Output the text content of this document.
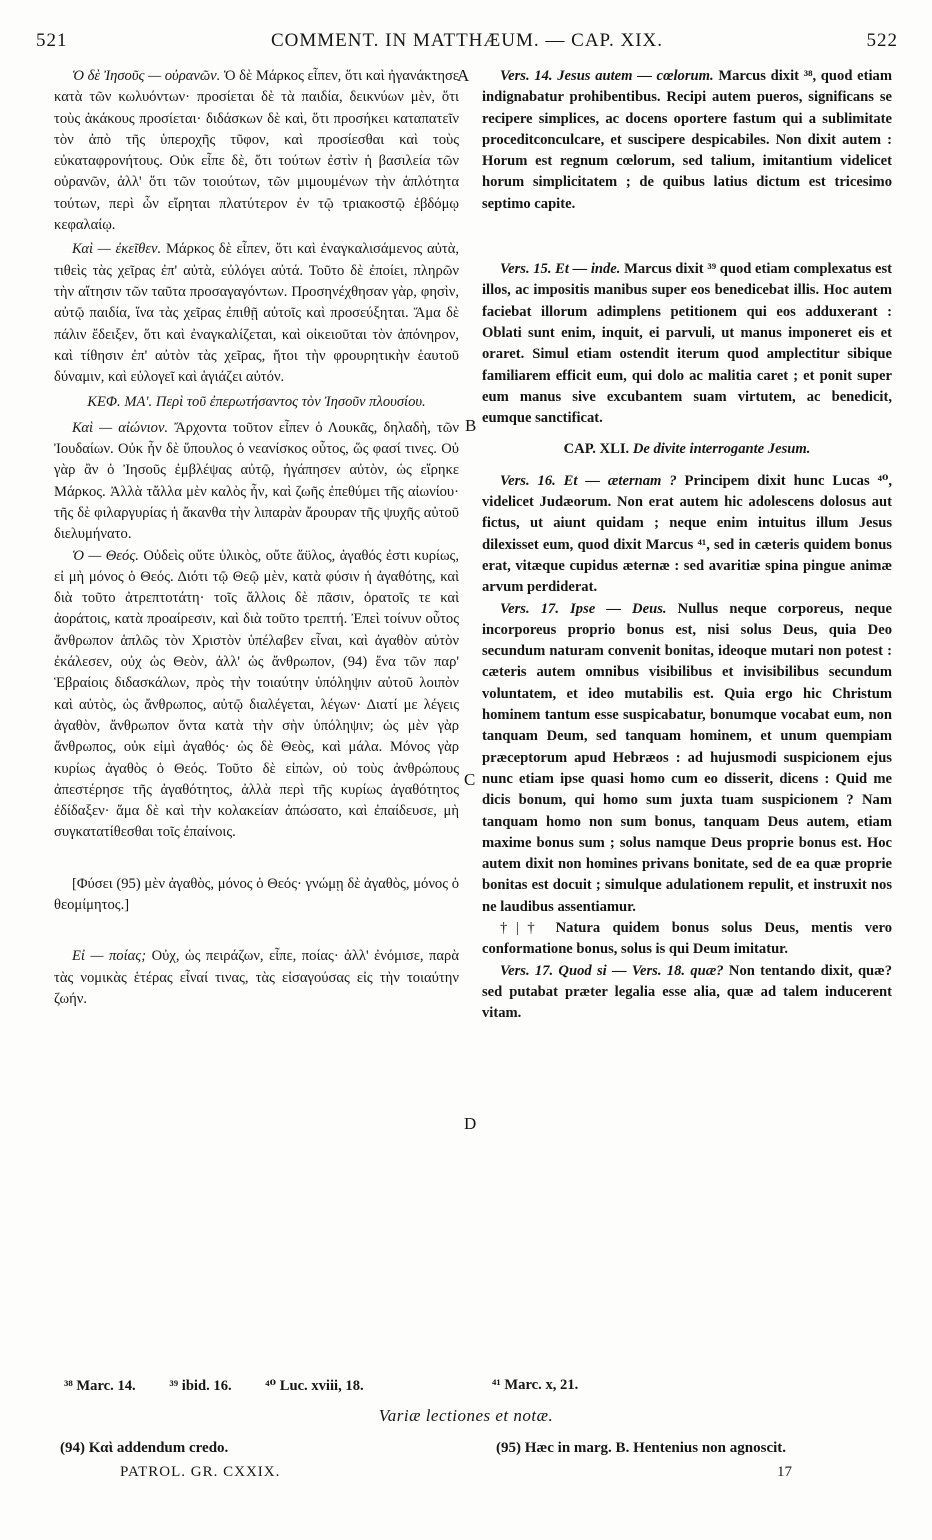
521	COMMENT. IN MATTHÆUM. — CAP. XIX.	522
A
B
C
D

Ὁ δὲ Ἰησοῦς — οὐρανῶν. Ὁ δὲ Μάρκος εἶπεν, ὅτι καὶ ἠγανάκτησε κατὰ τῶν κωλυόντων· προσίεται δὲ τὰ παιδία, δεικνύων μὲν, ὅτι τοὺς ἀκάκους προσίεται· διδάσκων δὲ καὶ, ὅτι προσήκει καταπατεῖν τὸν ἀπὸ τῆς ὑπεροχῆς τῦφον, καὶ προσίεσθαι καὶ τοὺς εὐκαταφρονήτους. Οὐκ εἶπε δὲ, ὅτι τούτων ἐστὶν ἡ βασιλεία τῶν οὐρανῶν, ἀλλ' ὅτι τῶν τοιούτων, τῶν μιμουμένων τὴν ἁπλότητα τούτων, περὶ ὧν εἴρηται πλατύτερον ἐν τῷ τριακοστῷ ἑβδόμῳ κεφαλαίῳ.

Καὶ — ἐκεῖθεν. Μάρκος δὲ εἶπεν, ὅτι καὶ ἐναγκαλισάμενος αὐτὰ, τιθεὶς τὰς χεῖρας ἐπ' αὐτὰ, εὐλόγει αὐτά. Τοῦτο δὲ ἐποίει, πληρῶν τὴν αἴτησιν τῶν ταῦτα προσαγαγόντων. Προσηνέχθησαν γὰρ, φησὶν, αὐτῷ παιδία, ἵνα τὰς χεῖρας ἐπιθῇ αὐτοῖς καὶ προσεύξηται. Ἅμα δὲ πάλιν ἔδειξεν, ὅτι καὶ ἐναγκαλίζεται, καὶ οἰκειοῦται τὸν ἀπόνηρον, καὶ τίθησιν ἐπ' αὐτὸν τὰς χεῖρας, ἤτοι τὴν φρουρητικὴν ἑαυτοῦ δύναμιν, καὶ εὐλογεῖ καὶ ἁγιάζει αὐτόν.

ΚΕΦ. ΜΑ'. Περὶ τοῦ ἐπερωτήσαντος τὸν Ἰησοῦν πλουσίου.

Καὶ — αἰώνιον. Ἄρχοντα τοῦτον εἶπεν ὁ Λουκᾶς, δηλαδὴ, τῶν Ἰουδαίων. Οὐκ ἦν δὲ ὕπουλος ὁ νεανίσκος οὗτος, ὥς φασί τινες. Οὐ γὰρ ἂν ὁ Ἰησοῦς ἐμβλέψας αὐτῷ, ἠγάπησεν αὐτὸν, ὡς εἴρηκε Μάρκος. Ἀλλὰ τἄλλα μὲν καλὸς ἦν, καὶ ζωῆς ἐπεθύμει τῆς αἰωνίου· τῆς δὲ φιλαργυρίας ἡ ἄκανθα τὴν λιπαρὰν ἄρουραν τῆς ψυχῆς αὐτοῦ διελυμήνατο.

Ὁ — Θεός. Οὐδεὶς οὔτε ὑλικὸς, οὔτε ἄϋλος, ἀγαθός ἐστι κυρίως, εἰ μὴ μόνος ὁ Θεός. Διότι τῷ Θεῷ μὲν, κατὰ φύσιν ἡ ἀγαθότης, καὶ διὰ τοῦτο ἀτρεπτοτάτη· τοῖς ἄλλοις δὲ πᾶσιν, ὁρατοῖς τε καὶ ἀοράτοις, κατὰ προαίρεσιν, καὶ διὰ τοῦτο τρεπτή. Ἐπεὶ τοίνυν οὗτος ἄνθρωπον ἁπλῶς τὸν Χριστὸν ὑπέλαβεν εἶναι, καὶ ἀγαθὸν αὐτὸν ἐκάλεσεν, οὐχ ὡς Θεὸν, ἀλλ' ὡς ἄνθρωπον, (94) ἕνα τῶν παρ' Ἑβραίοις διδασκάλων, πρὸς τὴν τοιαύτην ὑπόληψιν αὐτοῦ λοιπὸν καὶ αὐτὸς, ὡς ἄνθρωπος, αὐτῷ διαλέγεται, λέγων· Διατί με λέγεις ἀγαθὸν, ἄνθρωπον ὄντα κατὰ τὴν σὴν ὑπόληψιν; ὡς μὲν γὰρ ἄνθρωπος, οὐκ εἰμὶ ἀγαθός· ὡς δὲ Θεὸς, καὶ μάλα. Μόνος γὰρ κυρίως ἀγαθὸς ὁ Θεός. Τοῦτο δὲ εἰπὼν, οὐ τοὺς ἀνθρώπους ἀπεστέρησε τῆς ἀγαθότητος, ἀλλὰ περὶ τῆς κυρίως ἀγαθότητος ἐδίδαξεν· ἅμα δὲ καὶ τὴν κολακείαν ἀπώσατο, καὶ ἐπαίδευσε, μὴ συγκατατίθεσθαι τοῖς ἐπαίνοις.

[Φύσει (95) μὲν ἀγαθὸς, μόνος ὁ Θεός· γνώμῃ δὲ ἀγαθὸς, μόνος ὁ θεομίμητος.]

Εἰ — ποίας; Οὐχ, ὡς πειράζων, εἶπε, ποίας· ἀλλ' ἐνόμισε, παρὰ τὰς νομικὰς ἑτέρας εἶναί τινας, τὰς εἰσαγούσας εἰς τὴν τοιαύτην ζωήν.

Vers. 14. Jesus autem — cœlorum. Marcus dixit ³⁸, quod etiam indignabatur prohibentibus. Recipi autem pueros, significans se recipere simplices, ac docens oportere fastum qui a sublimitate proceditconculcare, et suscipere despicabiles. Non dixit autem : Horum est regnum cœlorum, sed talium, imitantium videlicet horum simplicitatem ; de quibus latius dictum est tricesimo septimo capite.

Vers. 15. Et — inde. Marcus dixit ³⁹ quod etiam complexatus est illos, ac impositis manibus super eos benedicebat illis. Hoc autem faciebat illorum adimplens petitionem qui eos adduxerant : Oblati sunt enim, inquit, ei parvuli, ut manus imponeret eis et oraret. Simul etiam ostendit iterum quod amplectitur sibique familiarem efficit eum, qui dolo ac malitia caret ; et ponit super eum manus sive excubantem suam virtutem, ac benedicit, eumque sanctificat.

CAP. XLI. De divite interrogante Jesum.

Vers. 16. Et — æternam ? Principem dixit hunc Lucas ⁴⁰, videlicet Judæorum. Non erat autem hic adolescens dolosus aut fictus, ut aiunt quidam ; neque enim intuitus illum Jesus dilexisset eum, quod dixit Marcus ⁴¹, sed in cæteris quidem bonus erat, vitæque cupidus æternæ : sed avaritiæ spina pingue animæ arvum perdiderat.

Vers. 17. Ipse — Deus. Nullus neque corporeus, neque incorporeus proprio bonus est, nisi solus Deus, quia Deo secundum naturam convenit bonitas, ideoque mutari non potest : cæteris autem omnibus visibilibus et invisibilibus secundum voluntatem, et ideo mutabilis est. Quia ergo hic Christum hominem tantum esse suspicabatur, bonumque vocabat eum, non tanquam Deum, sed tanquam hominem, et unum quempiam præceptorum apud Hebræos : ad hujusmodi suspicionem ejus nunc etiam ipse quasi homo cum eo disserit, dicens : Quid me dicis bonum, qui homo sum juxta tuam suspicionem ? Nam tanquam homo non sum bonus, tanquam Deus autem, etiam maxime bonus sum ; solus namque Deus proprie bonus est. Hoc autem dixit non homines privans bonitate, sed de ea quæ proprie bonitas est docuit ; simulque adulationem repulit, et instruxit nos ne laudibus assentiamur.

†|† Natura quidem bonus solus Deus, mentis vero conformatione bonus, solus is qui Deum imitatur.

Vers. 17. Quod si — Vers. 18. quæ? Non tentando dixit, quæ? sed putabat præter legalia esse alia, quæ ad talem inducerent vitam.

³⁸ Marc. 14. ³⁹ ibid. 16. ⁴⁰ Luc. xviii, 18.	⁴¹ Marc. x, 21.
Variæ lectiones et notæ.
(94) Καὶ addendum credo.	(95) Hæc in marg. B. Hentenius non agnoscit.
PATROL. GR. CXXIX.	17
